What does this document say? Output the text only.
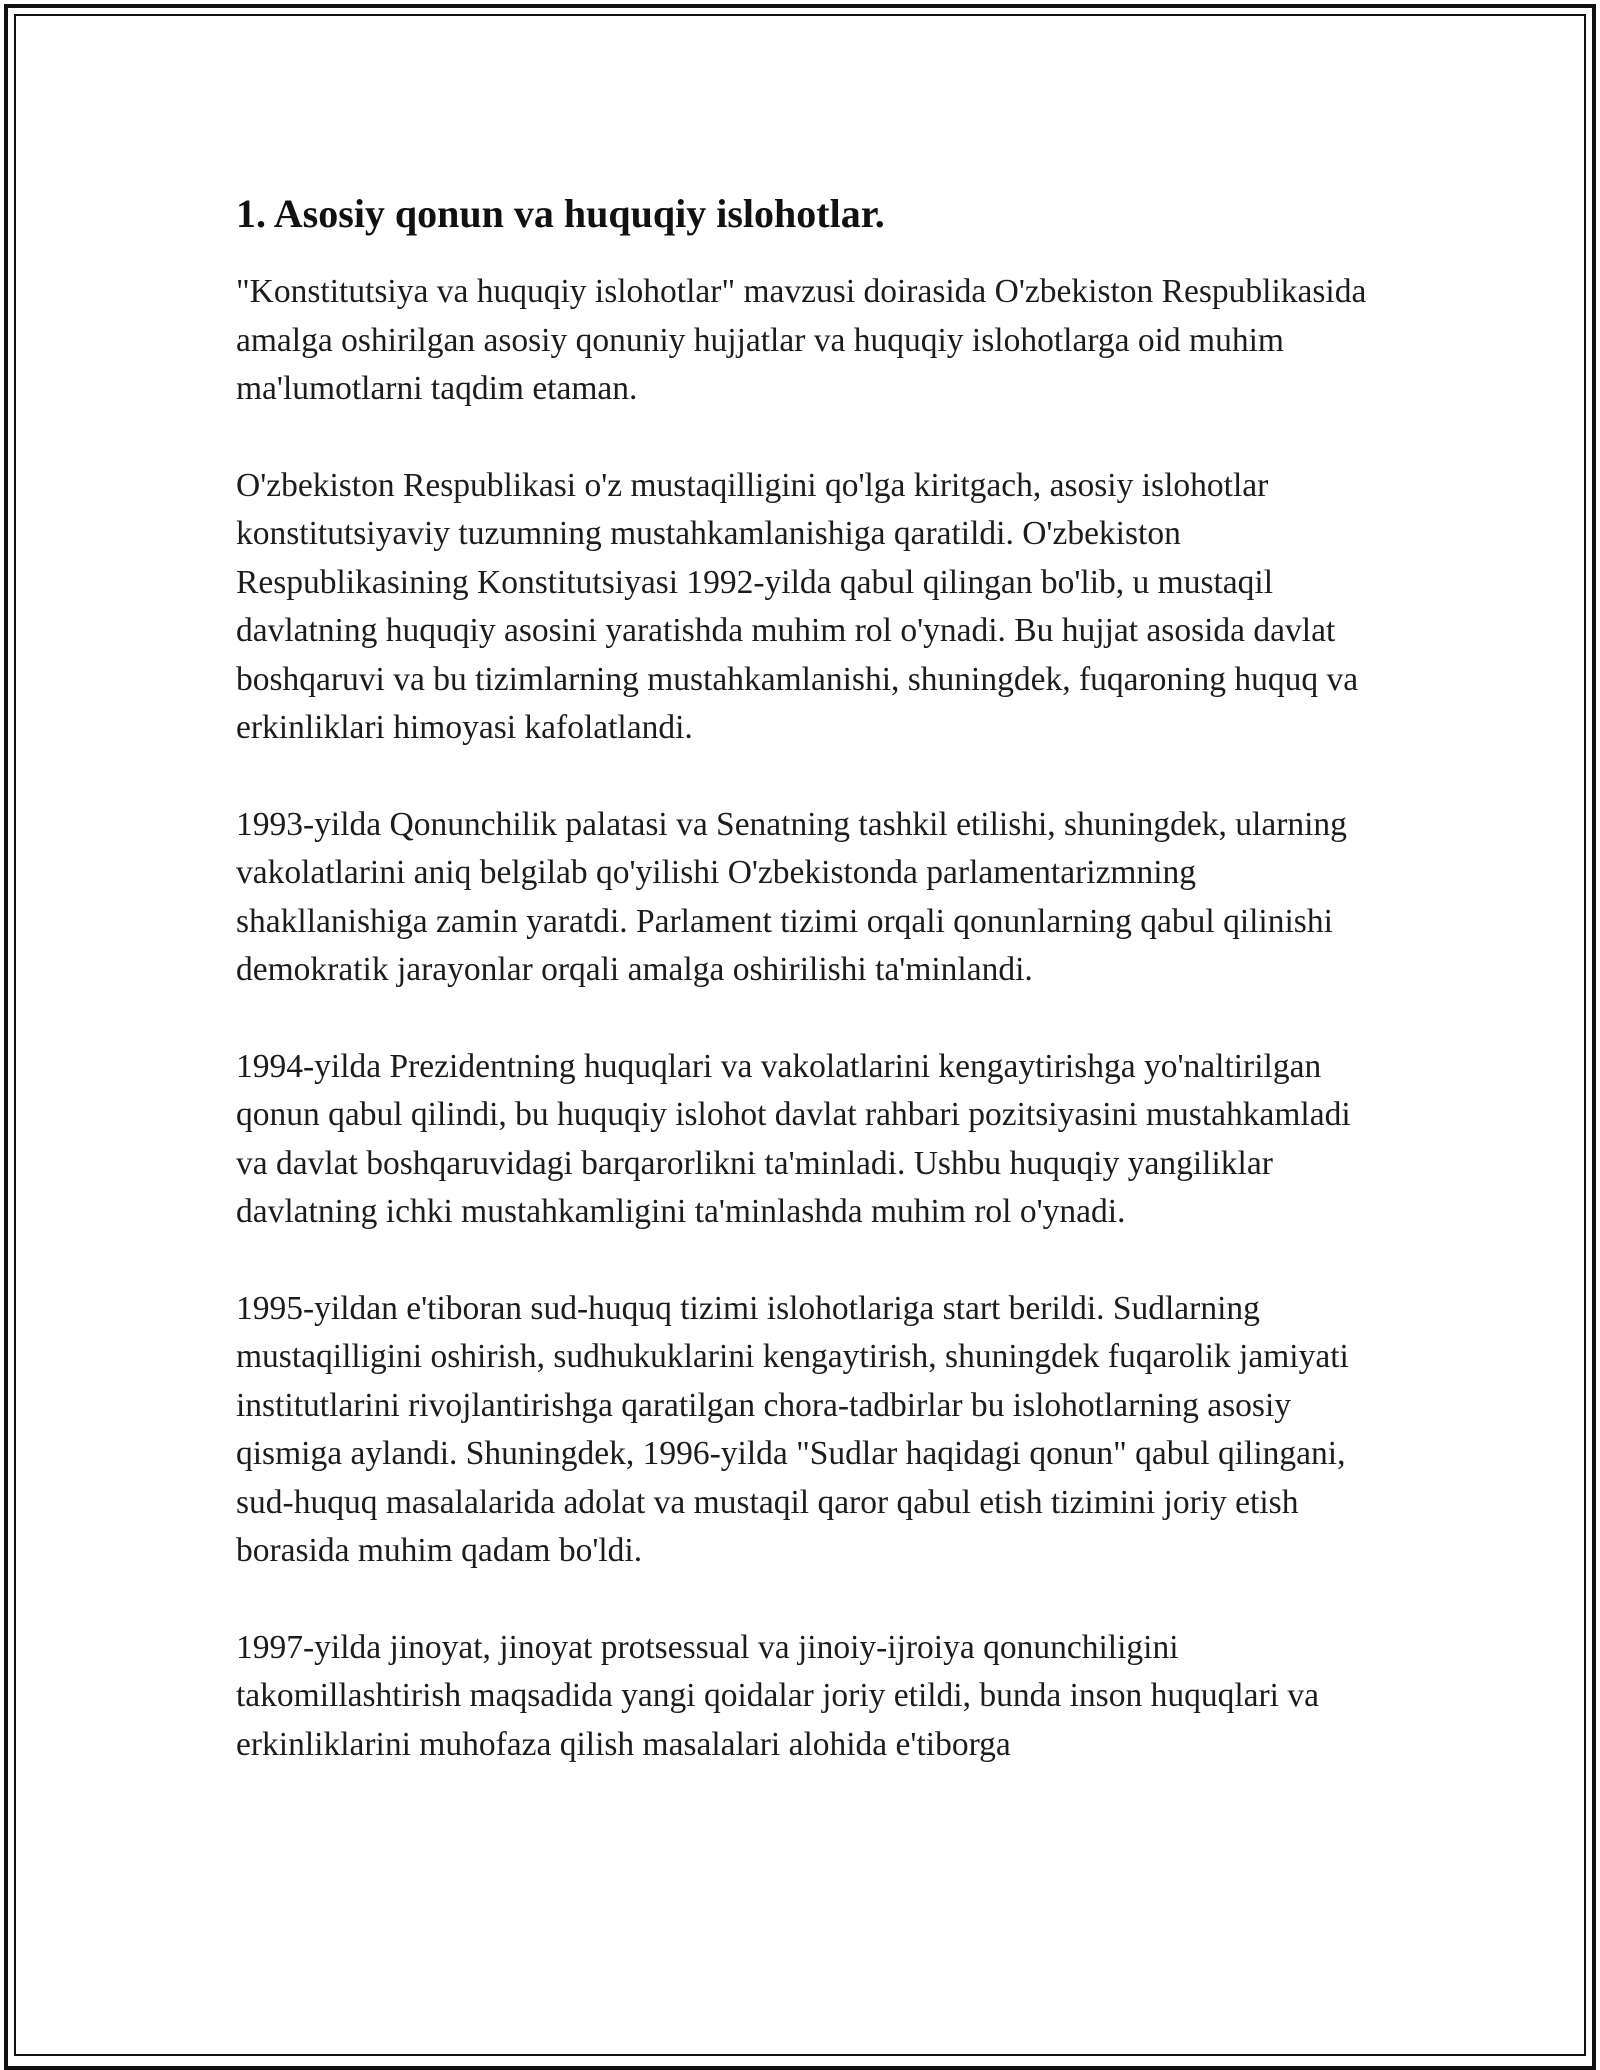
1. Asosiy qonun va huquqiy islohotlar.

"Konstitutsiya va huquqiy islohotlar" mavzusi doirasida O'zbekiston Respublikasida amalga oshirilgan asosiy qonuniy hujjatlar va huquqiy islohotlarga oid muhim ma'lumotlarni taqdim etaman.

O'zbekiston Respublikasi o'z mustaqilligini qo'lga kiritgach, asosiy islohotlar konstitutsiyaviy tuzumning mustahkamlanishiga qaratildi. O'zbekiston Respublikasining Konstitutsiyasi 1992-yilda qabul qilingan bo'lib, u mustaqil davlatning huquqiy asosini yaratishda muhim rol o'ynadi. Bu hujjat asosida davlat boshqaruvi va bu tizimlarning mustahkamlanishi, shuningdek, fuqaroning huquq va erkinliklari himoyasi kafolatlandi.

1993-yilda Qonunchilik palatasi va Senatning tashkil etilishi, shuningdek, ularning vakolatlarini aniq belgilab qo'yilishi O'zbekistonda parlamentarizmning shakllanishiga zamin yaratdi. Parlament tizimi orqali qonunlarning qabul qilinishi demokratik jarayonlar orqali amalga oshirilishi ta'minlandi.

1994-yilda Prezidentning huquqlari va vakolatlarini kengaytirishga yo'naltirilgan qonun qabul qilindi, bu huquqiy islohot davlat rahbari pozitsiyasini mustahkamladi va davlat boshqaruvidagi barqarorlikni ta'minladi. Ushbu huquqiy yangiliklar davlatning ichki mustahkamligini ta'minlashda muhim rol o'ynadi.

1995-yildan e'tiboran sud-huquq tizimi islohotlariga start berildi. Sudlarning mustaqilligini oshirish, sudhukuklarini kengaytirish, shuningdek fuqarolik jamiyati institutlarini rivojlantirishga qaratilgan chora-tadbirlar bu islohotlarning asosiy qismiga aylandi. Shuningdek, 1996-yilda "Sudlar haqidagi qonun" qabul qilingani, sud-huquq masalalarida adolat va mustaqil qaror qabul etish tizimini joriy etish borasida muhim qadam bo'ldi.

1997-yilda jinoyat, jinoyat protsessual va jinoiy-ijroiya qonunchiligini takomillashtirish maqsadida yangi qoidalar joriy etildi, bunda inson huquqlari va erkinliklarini muhofaza qilish masalalari alohida e'tiborga
